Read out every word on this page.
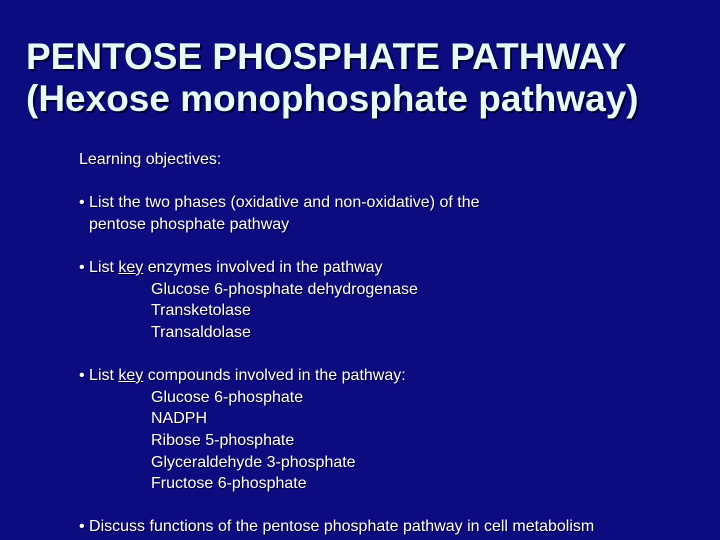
PENTOSE PHOSPHATE PATHWAY
(Hexose monophosphate pathway)
Learning objectives:
• List the two phases (oxidative and non-oxidative) of the
pentose phosphate pathway
• List key enzymes involved in the pathway
Glucose 6-phosphate dehydrogenase
Transketolase
Transaldolase
• List key compounds involved in the pathway:
Glucose 6-phosphate
NADPH
Ribose 5-phosphate
Glyceraldehyde 3-phosphate
Fructose 6-phosphate
• Discuss functions of the pentose phosphate pathway in cell metabolism
